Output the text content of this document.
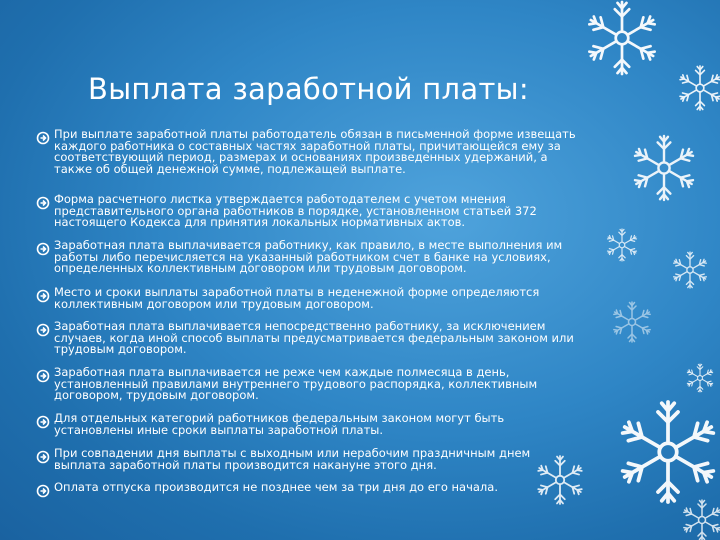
Выплата заработной платы:
При выплате заработной платы работодатель обязан в письменной форме извещать
каждого работника о составных частях заработной платы, причитающейся ему за
соответствующий период, размерах и основаниях произведенных удержаний, а
также об общей денежной сумме, подлежащей выплате.
Форма расчетного листка утверждается работодателем с учетом мнения
представительного органа работников в порядке, установленном статьей 372
настоящего Кодекса для принятия локальных нормативных актов.
Заработная плата выплачивается работнику, как правило, в месте выполнения им
работы либо перечисляется на указанный работником счет в банке на условиях,
определенных коллективным договором или трудовым договором.
Место и сроки выплаты заработной платы в неденежной форме определяются
коллективным договором или трудовым договором.
Заработная плата выплачивается непосредственно работнику, за исключением
случаев, когда иной способ выплаты предусматривается федеральным законом или
трудовым договором.
Заработная плата выплачивается не реже чем каждые полмесяца в день,
установленный правилами внутреннего трудового распорядка, коллективным
договором, трудовым договором.
Для отдельных категорий работников федеральным законом могут быть
установлены иные сроки выплаты заработной платы.
При совпадении дня выплаты с выходным или нерабочим праздничным днем
выплата заработной платы производится накануне этого дня.
Оплата отпуска производится не позднее чем за три дня до его начала.
